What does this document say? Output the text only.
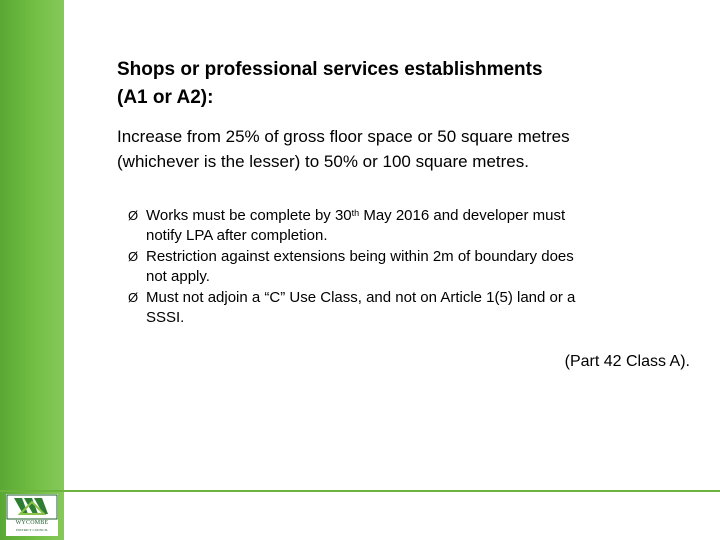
WYCOMBE
DISTRICT COUNCIL
Shops or professional services establishments
(A1 or A2):
Increase from 25% of gross floor space or 50 square metres
(whichever is the lesser) to 50% or 100 square metres.
Ø Works must be complete by 30th May 2016 and developer must
notify LPA after completion.
Ø Restriction against extensions being within 2m of boundary does
not apply.
Ø Must not adjoin a “C” Use Class, and not on Article 1(5) land or a
SSSI.
(Part 42 Class A).
